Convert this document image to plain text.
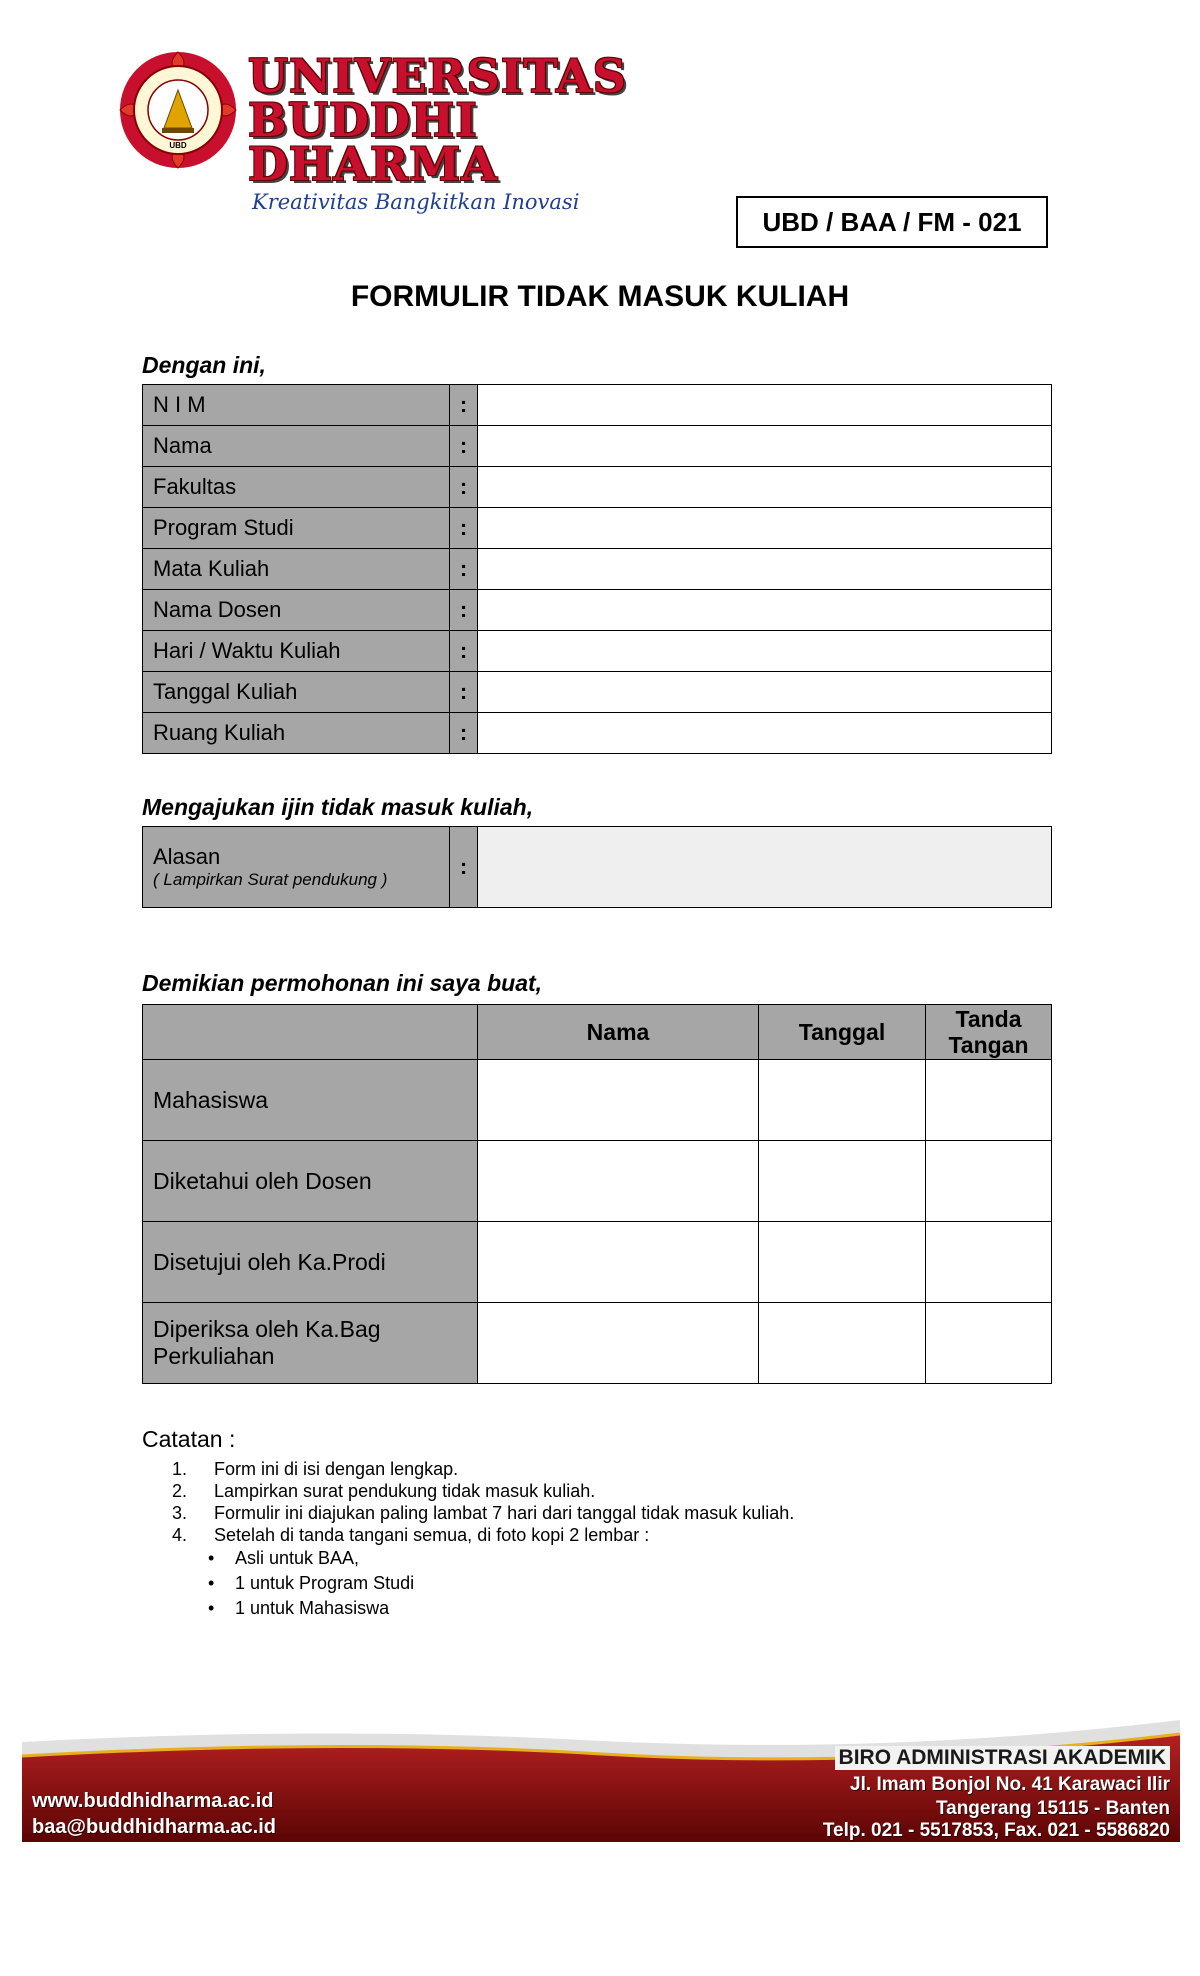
UBD
UNIVERSITAS
BUDDHI DHARMA
Kreativitas Bangkitkan Inovasi
UBD / BAA / FM - 021
FORMULIR TIDAK MASUK KULIAH
Dengan ini,
N I M	:	
Nama	:	
Fakultas	:	
Program Studi	:	
Mata Kuliah	:	
Nama Dosen	:	
Hari / Waktu Kuliah	:	
Tanggal Kuliah	:	
Ruang Kuliah	:	
Mengajukan ijin tidak masuk kuliah,
Alasan
( Lampirkan Surat pendukung )
	:	
Demikian permohonan ini saya buat,
	Nama	Tanggal	Tanda Tangan
Mahasiswa			
Diketahui oleh Dosen			
Disetujui oleh Ka.Prodi			
Diperiksa oleh Ka.Bag Perkuliahan			
Catatan :
1.	Form ini di isi dengan lengkap.
2.	Lampirkan surat pendukung tidak masuk kuliah.
3.	Formulir ini diajukan paling lambat 7 hari dari tanggal tidak masuk kuliah.
4.	Setelah di tanda tangani semua, di foto kopi 2 lembar :
•	Asli untuk BAA,
•	1 untuk Program Studi
•	1 untuk Mahasiswa
www.buddhidharma.ac.id
baa@buddhidharma.ac.id
BIRO ADMINISTRASI AKADEMIK
Jl. Imam Bonjol No. 41 Karawaci Ilir
Tangerang 15115 - Banten
Telp. 021 - 5517853, Fax. 021 - 5586820
